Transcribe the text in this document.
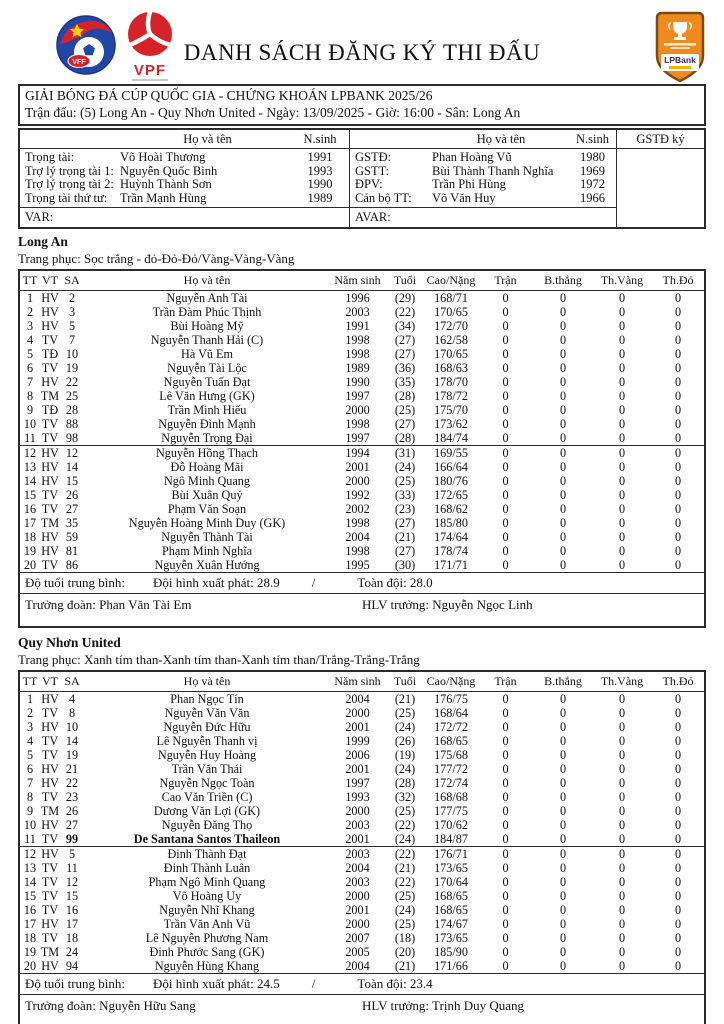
VFF	VPF
DANH SÁCH ĐĂNG KÝ THI ĐẤU	LPBank
GIẢI BÓNG ĐÁ CÚP QUỐC GIA - CHỨNG KHOÁN LPBANK 2025/26
Trận đấu: (5) Long An - Quy Nhơn United - Ngày: 13/09/2025 - Giờ: 16:00 - Sân: Long An
Họ và tên	N.sinh
Trọng tài:	Võ Hoài Thương	1991
Trợ lý trọng tài 1: Nguyễn Quốc Bình	1993
Trợ lý trọng tài 2: Huỳnh Thành Sơn	1990
Trọng tài thứ tư:	Trần Mạnh Hùng	1989
VAR:
Họ và tên	N.sinh
GSTĐ:	Phan Hoàng Vũ	1980
GSTT:	Bùi Thành Thanh Nghĩa	1969
ĐPV:	Trần Phi Hùng	1972
Cán bộ TT:	Võ Văn Huy	1966
AVAR:
GSTĐ ký
Long An
Trang phục: Sọc trắng - đỏ-Đỏ-Đỏ/Vàng-Vàng-Vàng
TT	VT	SA	Họ và tên	Năm sinh	Tuổi	Cao/Nặng	Trận	B.thắng	Th.Vàng	Th.Đỏ
1	HV	2	Nguyễn Anh Tài	1996	(29)	168/71	0	0	0	0
2	HV	3	Trần Đàm Phúc Thịnh	2003	(22)	170/65	0	0	0	0
3	HV	5	Bùi Hoàng Mỹ	1991	(34)	172/70	0	0	0	0
4	TV	7	Nguyễn Thanh Hải (C)	1998	(27)	162/58	0	0	0	0
5	TĐ	10	Hà Vũ Em	1998	(27)	170/65	0	0	0	0
6	TV	19	Nguyễn Tài Lộc	1989	(36)	168/63	0	0	0	0
7	HV	22	Nguyễn Tuấn Đạt	1990	(35)	178/70	0	0	0	0
8	TM	25	Lê Văn Hưng (GK)	1997	(28)	178/72	0	0	0	0
9	TĐ	28	Trần Minh Hiếu	2000	(25)	175/70	0	0	0	0
10	TV	88	Nguyễn Đình Mạnh	1998	(27)	173/62	0	0	0	0
11	TV	98	Nguyễn Trọng Đại	1997	(28)	184/74	0	0	0	0
12	HV	12	Nguyễn Hồng Thạch	1994	(31)	169/55	0	0	0	0
13	HV	14	Đỗ Hoàng Mãi	2001	(24)	166/64	0	0	0	0
14	HV	15	Ngô Minh Quang	2000	(25)	180/76	0	0	0	0
15	TV	26	Bùi Xuân Quý	1992	(33)	172/65	0	0	0	0
16	TV	27	Phạm Văn Soạn	2002	(23)	168/62	0	0	0	0
17	TM	35	Nguyễn Hoàng Minh Duy (GK)	1998	(27)	185/80	0	0	0	0
18	HV	59	Nguyễn Thành Tài	2004	(21)	174/64	0	0	0	0
19	HV	81	Phạm Minh Nghĩa	1998	(27)	178/74	0	0	0	0
20	TV	86	Nguyễn Xuân Hướng	1995	(30)	171/71	0	0	0	0
Độ tuổi trung bình: Đội hình xuất phát: 28.9 /	Toàn đội: 28.0
Trưởng đoàn: Phan Văn Tài Em	HLV trưởng: Nguyễn Ngọc Linh
Quy Nhơn United
Trang phục: Xanh tím than-Xanh tím than-Xanh tím than/Trắng-Trắng-Trắng
TT	VT	SA	Họ và tên	Năm sinh	Tuổi	Cao/Nặng	Trận	B.thắng	Th.Vàng	Th.Đỏ
1	HV	4	Phan Ngọc Tín	2004	(21)	176/75	0	0	0	0
2	TV	8	Nguyễn Văn Văn	2000	(25)	168/64	0	0	0	0
3	HV	10	Nguyễn Đức Hữu	2001	(24)	172/72	0	0	0	0
4	TV	14	Lê Nguyễn Thanh vị	1999	(26)	168/65	0	0	0	0
5	TV	19	Nguyễn Huy Hoàng	2006	(19)	175/68	0	0	0	0
6	HV	21	Trần Văn Thái	2001	(24)	177/72	0	0	0	0
7	HV	22	Nguyễn Ngọc Toàn	1997	(28)	172/74	0	0	0	0
8	TV	23	Cao Văn Triền (C)	1993	(32)	168/68	0	0	0	0
9	TM	26	Dương Văn Lợi (GK)	2000	(25)	177/75	0	0	0	0
10	HV	27	Nguyễn Đăng Thọ	2003	(22)	170/62	0	0	0	0
11	TV	99	De Santana Santos Thaileon	2001	(24)	184/87	0	0	0	0
12	HV	5	Đinh Thành Đạt	2003	(22)	176/71	0	0	0	0
13	TV	11	Đinh Thành Luân	2004	(21)	173/65	0	0	0	0
14	TV	12	Phạm Ngô Minh Quang	2003	(22)	170/64	0	0	0	0
15	TV	15	Võ Hoàng Uy	2000	(25)	168/65	0	0	0	0
16	TV	16	Nguyễn Nhĩ Khang	2001	(24)	168/65	0	0	0	0
17	HV	17	Trần Văn Anh Vũ	2000	(25)	174/67	0	0	0	0
18	TV	18	Lê Nguyễn Phương Nam	2007	(18)	173/65	0	0	0	0
19	TM	24	Đinh Phước Sang (GK)	2005	(20)	185/90	0	0	0	0
20	HV	94	Nguyễn Hùng Khang	2004	(21)	171/66	0	0	0	0
Độ tuổi trung bình: Đội hình xuất phát: 24.5 /	Toàn đội: 23.4
Trưởng đoàn: Nguyễn Hữu Sang	HLV trưởng: Trịnh Duy Quang
